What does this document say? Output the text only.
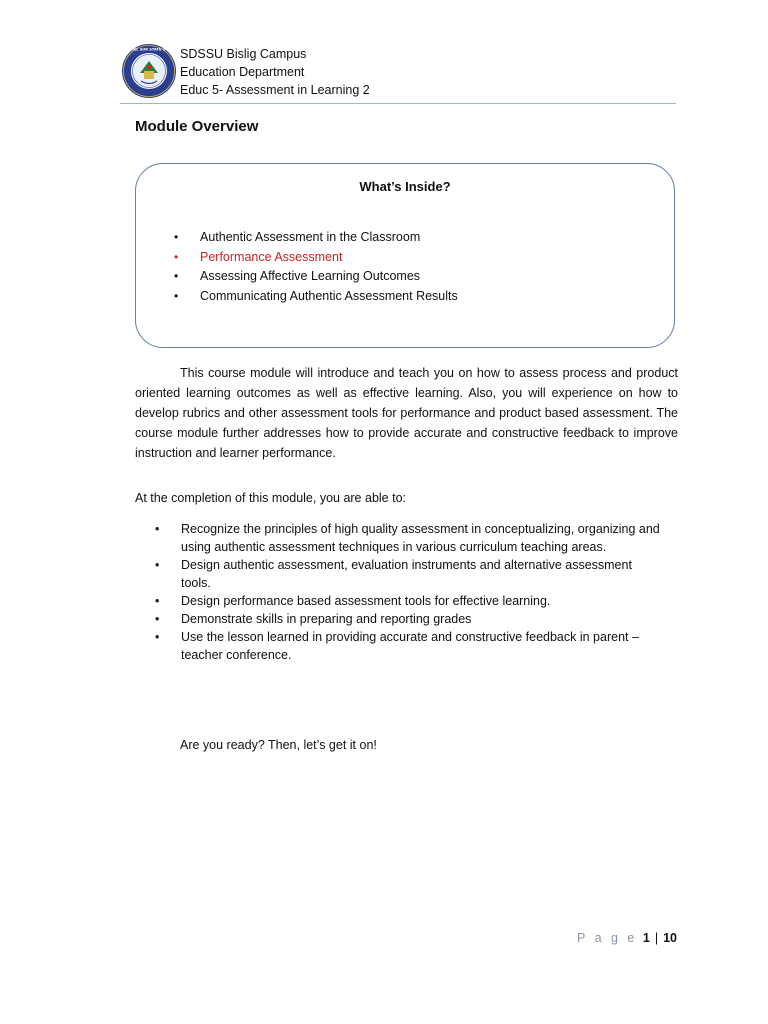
SURIGAO DEL SUR STATE UNIVERSITY
SDSSU Bislig Campus
Education Department
Educ 5- Assessment in Learning 2
Module Overview
What’s Inside?
• Authentic Assessment in the Classroom
• Performance Assessment
• Assessing Affective Learning Outcomes
• Communicating Authentic Assessment Results

This course module will introduce and teach you on how to assess process and product oriented learning outcomes as well as effective learning. Also, you will experience on how to develop rubrics and other assessment tools for performance and product based assessment. The course module further addresses how to provide accurate and constructive feedback to improve instruction and learner performance.

At the completion of this module, you are able to:
• Recognize the principles of high quality assessment in conceptualizing, organizing and using authentic assessment techniques in various curriculum teaching areas.
• Design authentic assessment, evaluation instruments and alternative assessment tools.
• Design performance based assessment tools for effective learning.
• Demonstrate skills in preparing and reporting grades
• Use the lesson learned in providing accurate and constructive feedback in parent – teacher conference.
Are you ready? Then, let’s get it on!
P a g e 1 | 10
